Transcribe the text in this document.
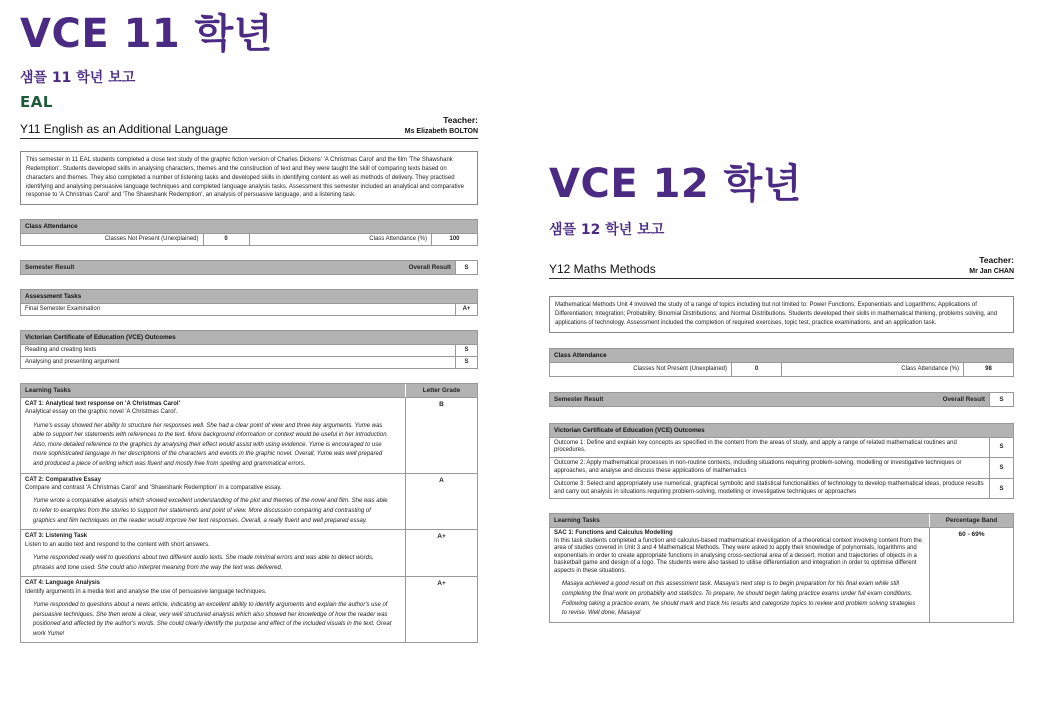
VCE 11 학년
샘플 11 학년 보고
EAL
Y11 English as an Additional Language
Teacher:
Ms Elizabeth BOLTON
This semester in 11 EAL students completed a close text study of the graphic fiction version of Charles Dickens' 'A Christmas Carol' and the film 'The Shawshank Redemption'. Students developed skills in analysing characters, themes and the construction of text and they were taught the skill of comparing texts based on characters and themes. They also completed a number of listening tasks and developed skills in identifying content as well as methods of delivery. They practised identifying and analysing persuasive language techniques and completed language analysis tasks. Assessment this semester included an analytical and comparative response to 'A Christmas Carol' and 'The Shawshank Redemption', an analysis of persuasive language, and a listening task.
Class Attendance
Classes Not Present (Unexplained)	0	Class Attendance (%)	100
Semester Result	Overall Result	S
Assessment Tasks
Final Semester Examination	A+
Victorian Certificate of Education (VCE) Outcomes
Reading and creating texts	S
Analysing and presenting argument	S
Learning Tasks	Letter Grade
CAT 1: Analytical text response on 'A Christmas Carol'
Analytical essay on the graphic novel 'A Christmas Carol'.
Yume's essay showed her ability to structure her responses well. She had a clear point of view and three key arguments. Yume was able to support her statements with references to the text. More background information or context would be useful in her introduction. Also, more detailed reference to the graphics by analysing their effect would assist with using evidence. Yume is encouraged to use more sophisticated language in her descriptions of the characters and events in the graphic novel. Overall, Yume was well prepared and produced a piece of writing which was fluent and mostly free from spelling and grammatical errors.
B
CAT 2: Comparative Essay
Compare and contrast 'A Christmas Carol' and 'Shawshank Redemption' in a comparative essay.
Yume wrote a comparative analysis which showed excellent understanding of the plot and themes of the novel and film. She was able to refer to examples from the stories to support her statements and point of view. More discussion comparing and contrasting of graphics and film techniques on the reader would improve her text responses. Overall, a really fluent and well prepared essay.
A
CAT 3: Listening Task
Listen to an audio text and respond to the content with short answers.
Yume responded really well to questions about two different audio texts. She made minimal errors and was able to detect words, phrases and tone used. She could also interpret meaning from the way the text was delivered.
A+
CAT 4: Language Analysis
Identify arguments in a media text and analyse the use of persuasive language techniques.
Yume responded to questions about a news article, indicating an excellent ability to identify arguments and explain the author's use of persuasive techniques. She then wrote a clear, very well structured analysis which also showed her knowledge of how the reader was positioned and affected by the author's words. She could clearly identify the purpose and effect of the included visuals in the text. Great work Yume!
A+
VCE 12 학년
샘플 12 학년 보고
Y12 Maths Methods
Teacher:
Mr Jan CHAN
Mathematical Methods Unit 4 involved the study of a range of topics including but not limited to: Power Functions; Exponentials and Logarithms; Applications of Differentiation; Integration; Probability; Binomial Distributions; and Normal Distributions. Students developed their skills in mathematical thinking, problems solving, and applications of technology. Assessment included the completion of required exercises, topic test, practice examinations, and an application task.
Class Attendance
Classes Not Present (Unexplained)	0	Class Attendance (%)	98
Semester Result	Overall Result	S
Victorian Certificate of Education (VCE) Outcomes
Outcome 1: Define and explain key concepts as specified in the content from the areas of study, and apply a range of related mathematical routines and procedures.	S
Outcome 2: Apply mathematical processes in non-routine contexts, including situations requiring problem-solving, modelling or investigative techniques or approaches, and analyse and discuss these applications of mathematics	S
Outcome 3: Select and appropriately use numerical, graphical symbolic and statistical functionalities of technology to develop mathematical ideas, produce results and carry out analysis in situations requiring problem-solving, modelling or investigative techniques or approaches	S
Learning Tasks	Percentage Band
SAC 1: Functions and Calculus Modelling
In this task students completed a function and calculus-based mathematical investigation of a theoretical context involving content from the area of studies covered in Unit 3 and 4 Mathematical Methods. They were asked to apply their knowledge of polynomials, logarithms and exponentials in order to create appropriate functions in analysing cross-sectional area of a dessert, motion and trajectories of objects in a basketball game and design of a logo. The students were also tasked to utilise differentiation and integration in order to optimise different aspects in these situations.
Masaya achieved a good result on this assessment task. Masaya's next step is to begin preparation for his final exam while still completing the final work on probability and statistics. To prepare, he should begin taking practice exams under full exam conditions. Following taking a practice exam, he should mark and track his results and categorize topics to review and problem solving strategies to revise. Well done, Masaya!
60 - 69%
